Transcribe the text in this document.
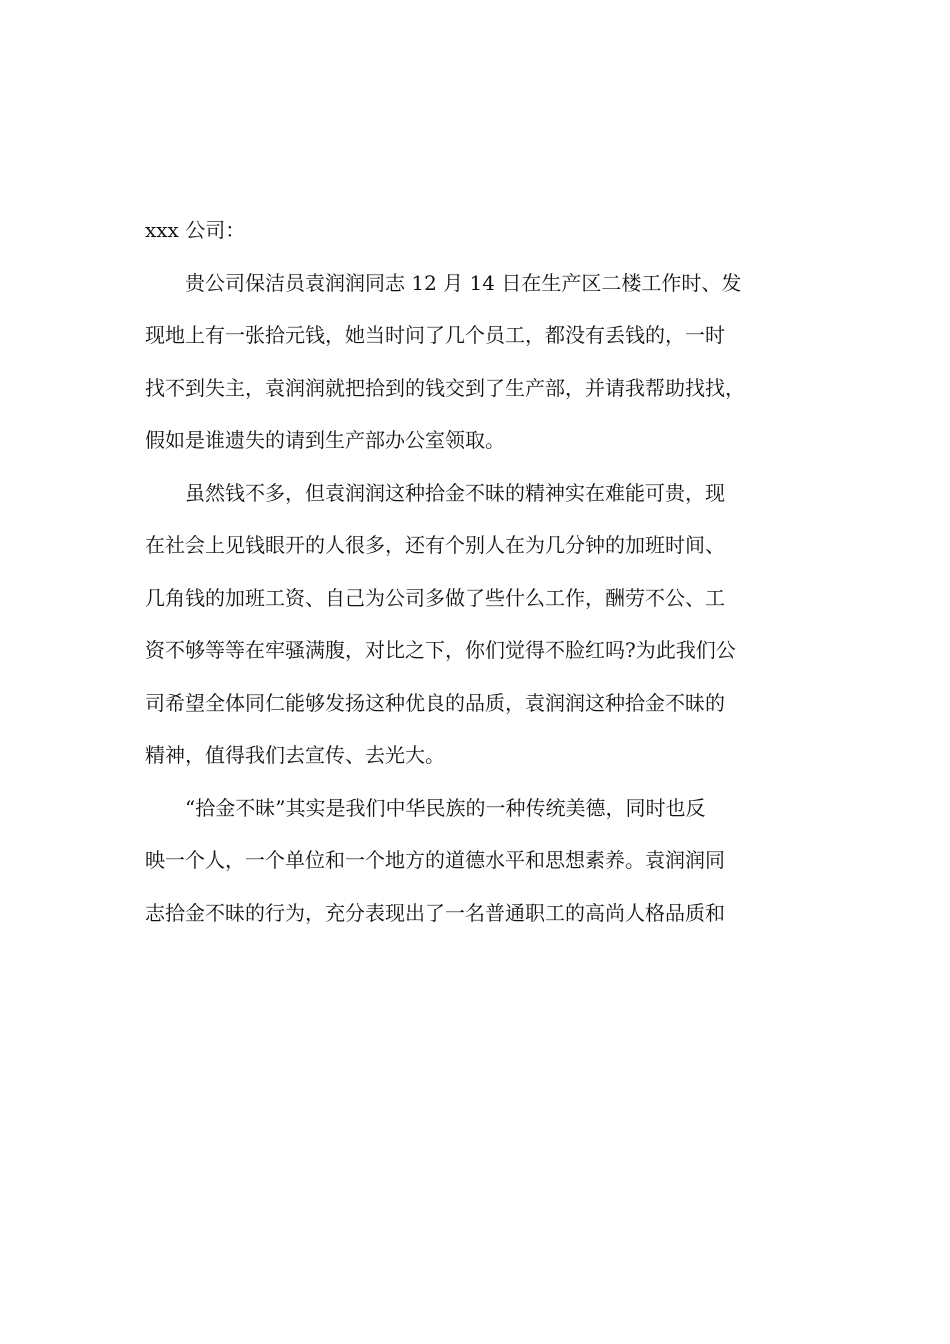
xxx 公司：

　　贵公司保洁员袁润润同志 12 月 14 日在生产区二楼工作时、发
现地上有一张拾元钱，她当时问了几个员工，都没有丢钱的，一时
找不到失主，袁润润就把拾到的钱交到了生产部，并请我帮助找找，
假如是谁遗失的请到生产部办公室领取。

　　虽然钱不多，但袁润润这种拾金不昧的精神实在难能可贵，现
在社会上见钱眼开的人很多，还有个别人在为几分钟的加班时间、
几角钱的加班工资、自己为公司多做了些什么工作，酬劳不公、工
资不够等等在牢骚满腹，对比之下，你们觉得不脸红吗?为此我们公
司希望全体同仁能够发扬这种优良的品质，袁润润这种拾金不昧的
精神，值得我们去宣传、去光大。

　　“拾金不昧”其实是我们中华民族的一种传统美德，同时也反
映一个人，一个单位和一个地方的道德水平和思想素养。袁润润同
志拾金不昧的行为，充分表现出了一名普通职工的高尚人格品质和
